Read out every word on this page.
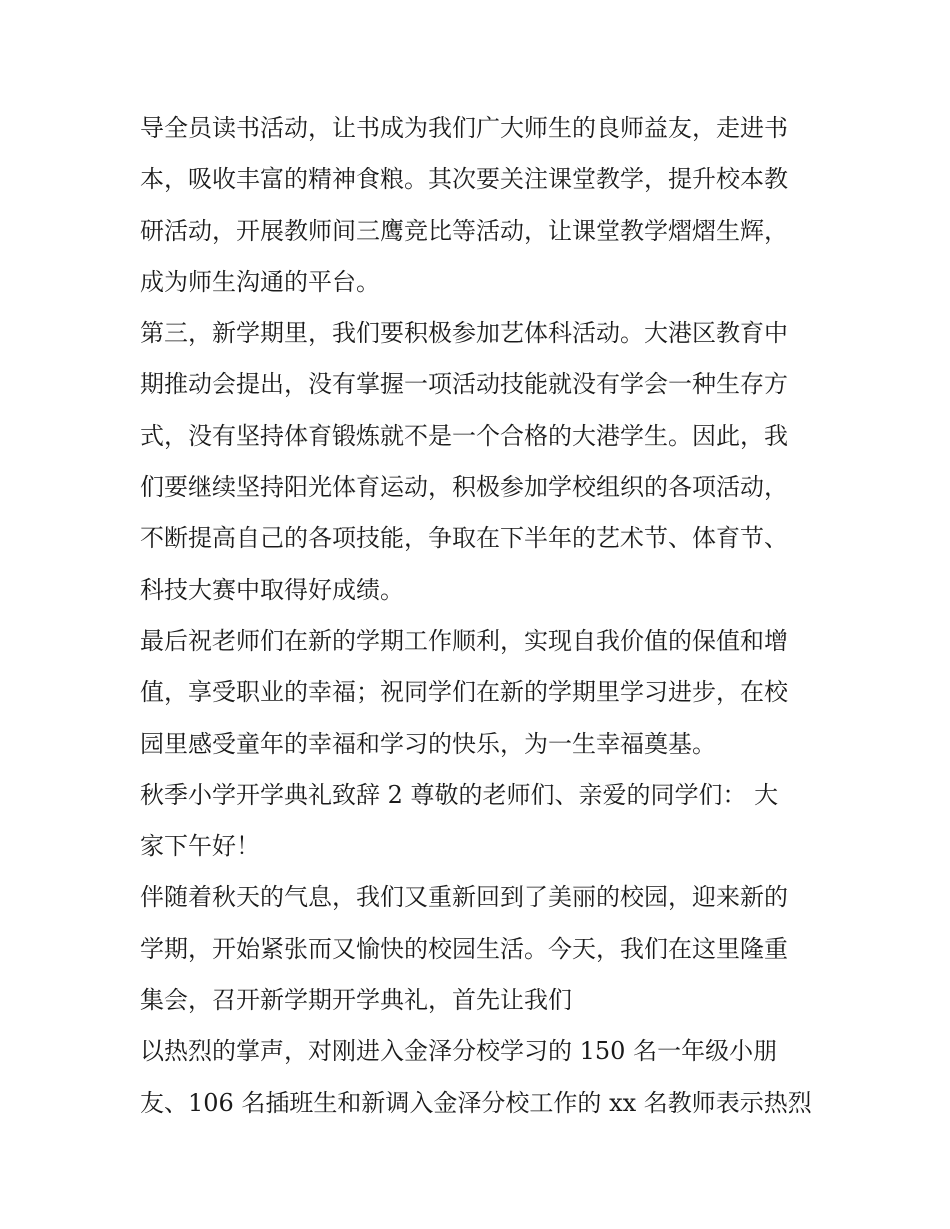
导全员读书活动，让书成为我们广大师生的良师益友，走进书
本，吸收丰富的精神食粮。其次要关注课堂教学，提升校本教
研活动，开展教师间三鹰竞比等活动，让课堂教学熠熠生辉，
成为师生沟通的平台。
第三，新学期里，我们要积极参加艺体科活动。大港区教育中
期推动会提出，没有掌握一项活动技能就没有学会一种生存方
式，没有坚持体育锻炼就不是一个合格的大港学生。因此，我
们要继续坚持阳光体育运动，积极参加学校组织的各项活动，
不断提高自己的各项技能，争取在下半年的艺术节、体育节、
科技大赛中取得好成绩。
最后祝老师们在新的学期工作顺利，实现自我价值的保值和增
值，享受职业的幸福；祝同学们在新的学期里学习进步，在校
园里感受童年的幸福和学习的快乐，为一生幸福奠基。
秋季小学开学典礼致辞 2 尊敬的老师们、亲爱的同学们： 大
家下午好！
伴随着秋天的气息，我们又重新回到了美丽的校园，迎来新的
学期，开始紧张而又愉快的校园生活。今天，我们在这里隆重
集会，召开新学期开学典礼，首先让我们
以热烈的掌声，对刚进入金泽分校学习的 150 名一年级小朋
友、106 名插班生和新调入金泽分校工作的 xx 名教师表示热烈
